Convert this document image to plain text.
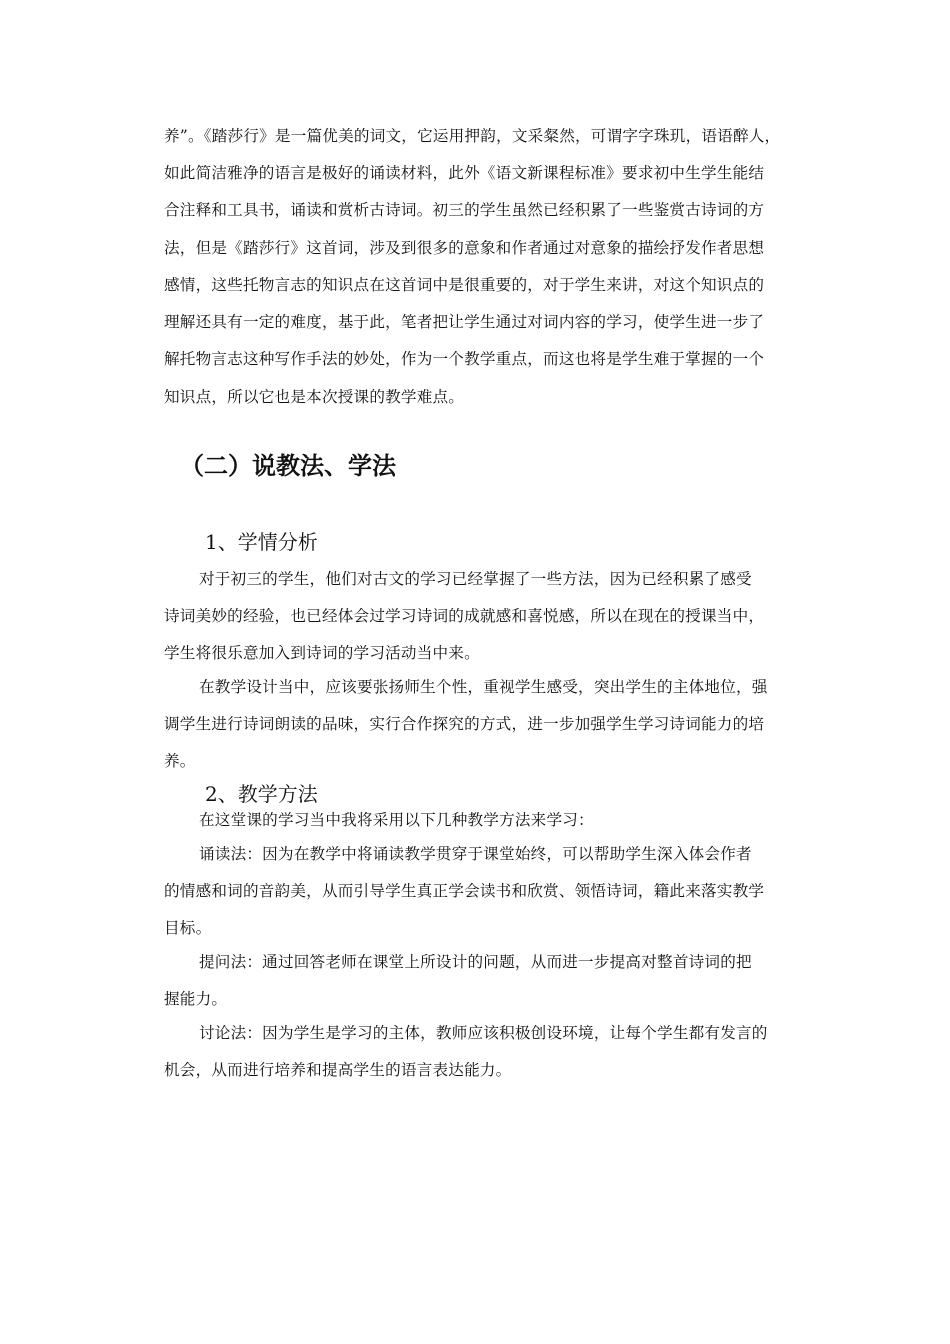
养”。《踏莎行》是一篇优美的词文，它运用押韵，文采粲然，可谓字字珠玑，语语醉人，
如此简洁雅净的语言是极好的诵读材料，此外《语文新课程标准》要求初中生学生能结
合注释和工具书，诵读和赏析古诗词。初三的学生虽然已经积累了一些鉴赏古诗词的方
法，但是《踏莎行》这首词，涉及到很多的意象和作者通过对意象的描绘抒发作者思想
感情，这些托物言志的知识点在这首词中是很重要的，对于学生来讲，对这个知识点的
理解还具有一定的难度，基于此，笔者把让学生通过对词内容的学习，使学生进一步了
解托物言志这种写作手法的妙处，作为一个教学重点，而这也将是学生难于掌握的一个
知识点，所以它也是本次授课的教学难点。
（二）说教法、学法
1、学情分析
对于初三的学生，他们对古文的学习已经掌握了一些方法，因为已经积累了感受
诗词美妙的经验，也已经体会过学习诗词的成就感和喜悦感，所以在现在的授课当中，
学生将很乐意加入到诗词的学习活动当中来。
在教学设计当中，应该要张扬师生个性，重视学生感受，突出学生的主体地位，强
调学生进行诗词朗读的品味，实行合作探究的方式，进一步加强学生学习诗词能力的培
养。
2、教学方法
在这堂课的学习当中我将采用以下几种教学方法来学习：
诵读法：因为在教学中将诵读教学贯穿于课堂始终，可以帮助学生深入体会作者
的情感和词的音韵美，从而引导学生真正学会读书和欣赏、领悟诗词，籍此来落实教学
目标。
提问法：通过回答老师在课堂上所设计的问题，从而进一步提高对整首诗词的把
握能力。
讨论法：因为学生是学习的主体，教师应该积极创设环境，让每个学生都有发言的
机会，从而进行培养和提高学生的语言表达能力。
